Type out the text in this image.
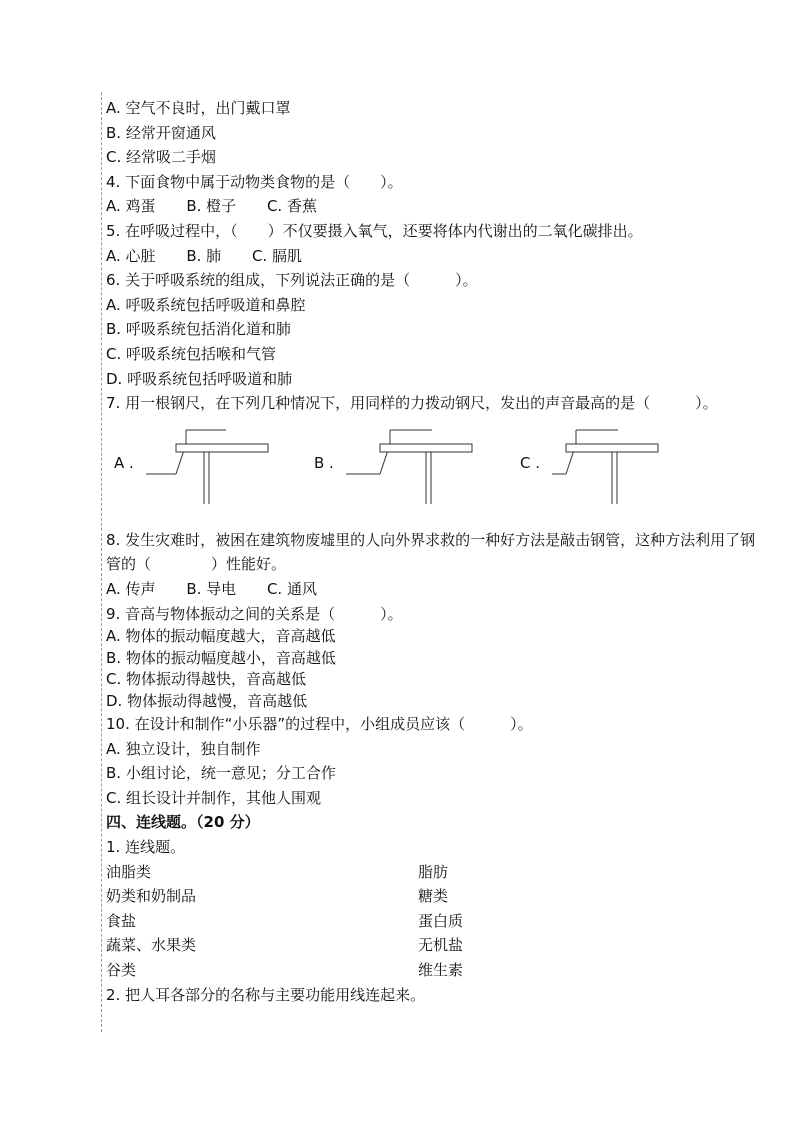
A. 空气不良时，出门戴口罩
B. 经常开窗通风
C. 经常吸二手烟
4. 下面食物中属于动物类食物的是（　　）。
A. 鸡蛋 B. 橙子 C. 香蕉
5. 在呼吸过程中，（　　）不仅要摄入氧气，还要将体内代谢出的二氧化碳排出。
A. 心脏 B. 肺 C. 膈肌
6. 关于呼吸系统的组成，下列说法正确的是（　　　）。
A. 呼吸系统包括呼吸道和鼻腔
B. 呼吸系统包括消化道和肺
C. 呼吸系统包括喉和气管
D. 呼吸系统包括呼吸道和肺
7. 用一根钢尺，在下列几种情况下，用同样的力拨动钢尺，发出的声音最高的是（　　　）。
A .	B .	C .
8. 发生灾难时，被困在建筑物废墟里的人向外界求救的一种好方法是敲击钢管，这种方法利用了钢管的（　　　　）性能好。
A. 传声 B. 导电 C. 通风
9. 音高与物体振动之间的关系是（　　　）。
A. 物体的振动幅度越大，音高越低
B. 物体的振动幅度越小，音高越低
C. 物体振动得越快，音高越低
D. 物体振动得越慢，音高越低
10. 在设计和制作“小乐器”的过程中，小组成员应该（　　　）。
A. 独立设计，独自制作
B. 小组讨论，统一意见；分工合作
C. 组长设计并制作，其他人围观
四、连线题。（20 分）
1. 连线题。
油脂类	脂肪
奶类和奶制品	糖类
食盐	蛋白质
蔬菜、水果类	无机盐
谷类	维生素
2. 把人耳各部分的名称与主要功能用线连起来。
